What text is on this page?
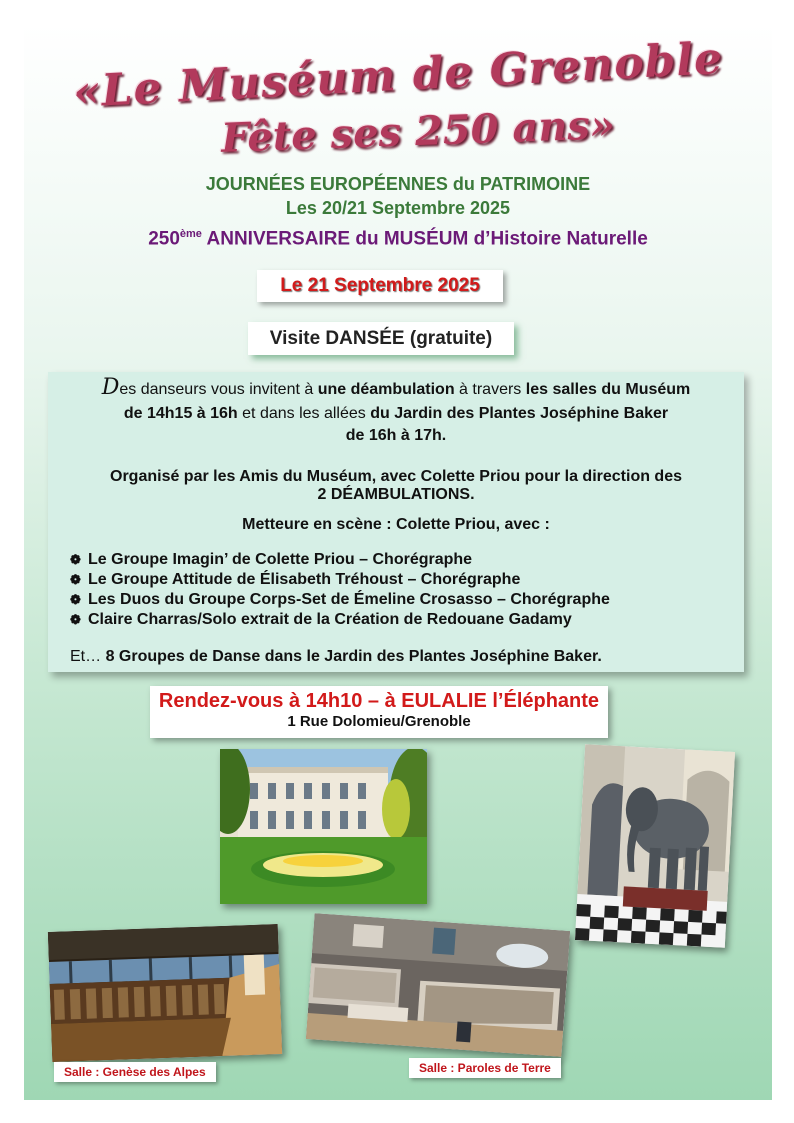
«Le Muséum de Grenoble
Fête ses 250 ans»
JOURNÉES EUROPÉENNES du PATRIMOINE
Les 20/21 Septembre 2025
250ème ANNIVERSAIRE du MUSÉUM d’Histoire Naturelle
Le 21 Septembre 2025
Visite DANSÉE (gratuite)
Des danseurs vous invitent à une déambulation à travers les salles du Muséum
de 14h15 à 16h et dans les allées du Jardin des Plantes Joséphine Baker
de 16h à 17h.
Organisé par les Amis du Muséum, avec Colette Priou pour la direction des
2 DÉAMBULATIONS.
Metteure en scène : Colette Priou, avec :
❁ Le Groupe Imagin’ de Colette Priou – Chorégraphe
❁ Le Groupe Attitude de Élisabeth Tréhoust – Chorégraphe
❁ Les Duos du Groupe Corps-Set de Émeline Crosasso – Chorégraphe
❁ Claire Charras/Solo extrait de la Création de Redouane Gadamy
Et… 8 Groupes de Danse dans le Jardin des Plantes Joséphine Baker.
Rendez-vous à 14h10 – à EULALIE l’Éléphante
1 Rue Dolomieu/Grenoble
Salle : Genèse des Alpes	Salle : Paroles de Terre
